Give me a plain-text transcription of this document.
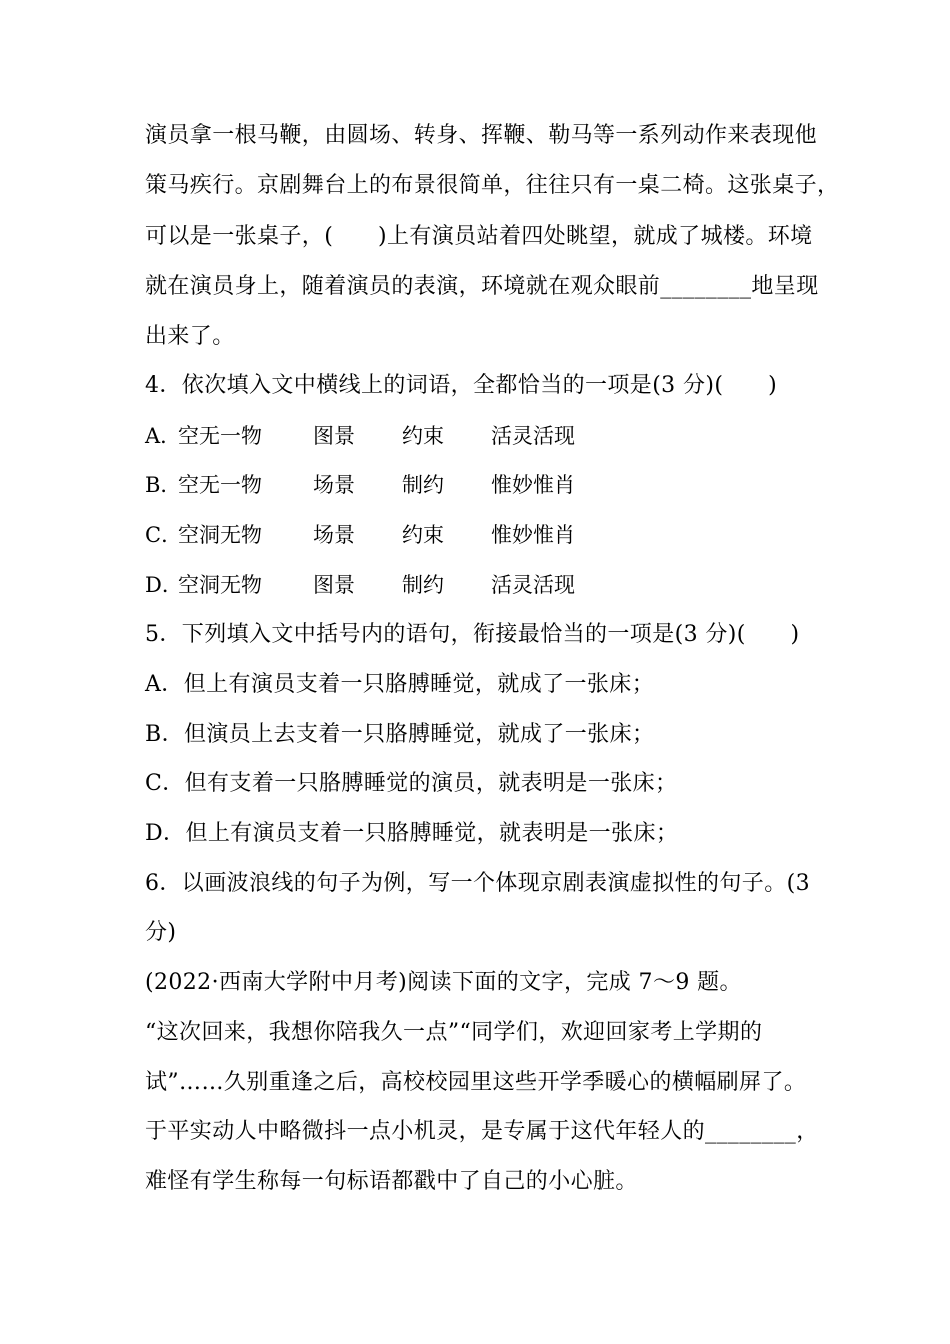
演员拿一根马鞭，由圆场、转身、挥鞭、勒马等一系列动作来表现他
策马疾行。京剧舞台上的布景很简单，往往只有一桌二椅。这张桌子，
可以是一张桌子，(　　)上有演员站着四处眺望，就成了城楼。环境
就在演员身上，随着演员的表演，环境就在观众眼前________地呈现
出来了。
4．依次填入文中横线上的词语，全都恰当的一项是(3 分)(　　)
A．
空无一物 图景 约束 活灵活现
B．
空无一物 场景 制约 惟妙惟肖
C．
空洞无物 场景 约束 惟妙惟肖
D．
空洞无物 图景 制约 活灵活现
5．下列填入文中括号内的语句，衔接最恰当的一项是(3 分)(　　)
A．但上有演员支着一只胳膊睡觉，就成了一张床；
B．但演员上去支着一只胳膊睡觉，就成了一张床；
C．但有支着一只胳膊睡觉的演员，就表明是一张床；
D．但上有演员支着一只胳膊睡觉，就表明是一张床；
6．以画波浪线的句子为例，写一个体现京剧表演虚拟性的句子。(3
分)
(2022·西南大学附中月考)阅读下面的文字，完成 7～9 题。
“这次回来，我想你陪我久一点”“同学们，欢迎回家考上学期的
试”……久别重逢之后，高校校园里这些开学季暖心的横幅刷屏了。
于平实动人中略微抖一点小机灵，是专属于这代年轻人的________，
难怪有学生称每一句标语都戳中了自己的小心脏。
